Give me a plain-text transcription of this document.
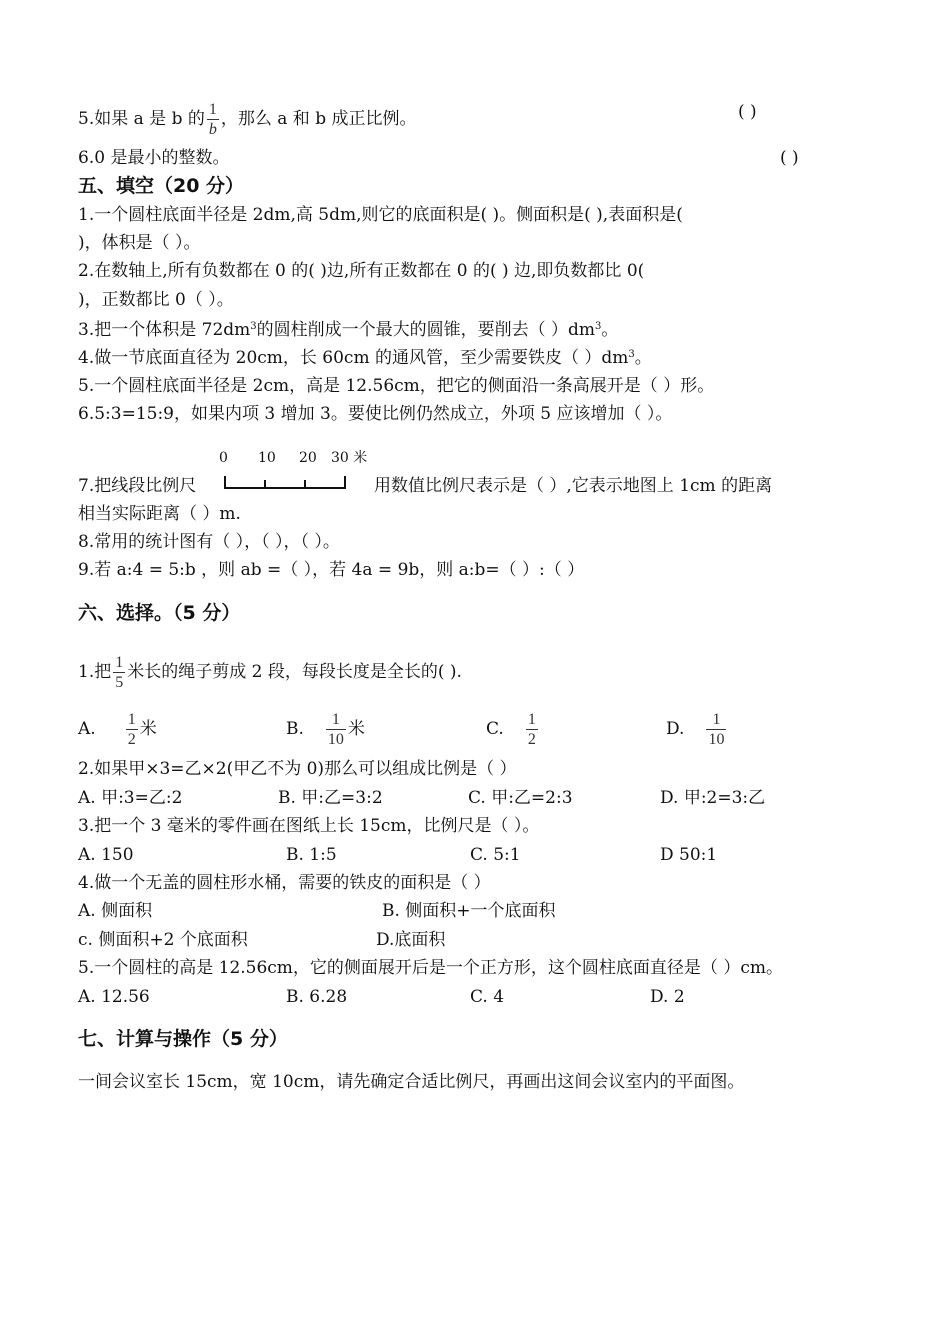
5.如果 a 是 b 的 $\frac{1}{b}$ ，那么 a 和 b 成正比例。	( )
6.0 是最小的整数。	( )
五、填空（20 分）
1.一个圆柱底面半径是 2dm,高 5dm,则它的底面积是( )。侧面积是( ),表面积是(
)，体积是（ ）。
2.在数轴上,所有负数都在 0 的( )边,所有正数都在 0 的( ) 边,即负数都比 0(
)，正数都比 0（ ）。
3.把一个体积是 $72dm^3$的圆柱削成一个最大的圆锥，要削去（ ）$dm^3$。
4.做一节底面直径为 20cm，长 60cm 的通风管，至少需要铁皮（ ）$dm^3$。
5.一个圆柱底面半径是 2cm，高是 12.56cm，把它的侧面沿一条高展开是（ ）形。
6.5:3=15:9，如果内项 3 增加 3。要使比例仍然成立，外项 5 应该增加（ ）。
0 10 20 30 米
7.把线段比例尺	用数值比例尺表示是（ ）,它表示地图上 1cm 的距离
相当实际距离（ ）m.
8.常用的统计图有（ ），（ ），（ ）。
9.若 a:4 = 5:b ，则 ab =（ ），若 4a = 9b，则 a:b=（ ）:（ ）
六、选择。（5 分）
1.把 $\frac{1}{5}$ 米长的绳子剪成 2 段，每段长度是全长的( ).
A. $\frac{1}{2}$ 米	B. $\frac{1}{10}$ 米	C. $\frac{1}{2}$	D. $\frac{1}{10}$
2.如果甲×3=乙×2(甲乙不为 0)那么可以组成比例是（ ）
A. 甲:3=乙:2	B. 甲:乙=3:2	C. 甲:乙=2:3	D. 甲:2=3:乙
3.把一个 3 毫米的零件画在图纸上长 15cm，比例尺是（ ）。
A. 150	B. 1:5	C. 5:1	D 50:1
4.做一个无盖的圆柱形水桶，需要的铁皮的面积是（ ）
A. 侧面积	B. 侧面积+一个底面积
c. 侧面积+2 个底面积	D.底面积
5.一个圆柱的高是 12.56cm，它的侧面展开后是一个正方形，这个圆柱底面直径是（ ）cm。
A. 12.56	B. 6.28	C. 4	D. 2
七、计算与操作（5 分）
一间会议室长 15cm，宽 10cm，请先确定合适比例尺，再画出这间会议室内的平面图。
